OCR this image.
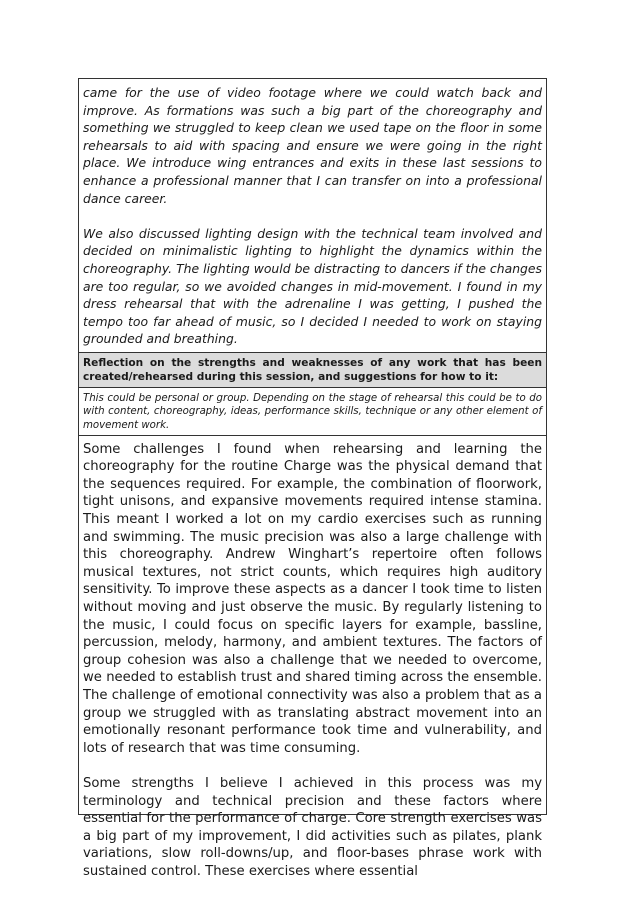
came for the use of video footage where we could watch back and improve. As formations was such a big part of the choreography and something we struggled to keep clean we used tape on the floor in some rehearsals to aid with spacing and ensure we were going in the right place. We introduce wing entrances and exits in these last sessions to enhance a professional manner that I can transfer on into a professional dance career.

We also discussed lighting design with the technical team involved and decided on minimalistic lighting to highlight the dynamics within the choreography. The lighting would be distracting to dancers if the changes are too regular, so we avoided changes in mid-movement. I found in my dress rehearsal that with the adrenaline I was getting, I pushed the tempo too far ahead of music, so I decided I needed to work on staying grounded and breathing.

Reflection on the strengths and weaknesses of any work that has been created/rehearsed during this session, and suggestions for how to it:
This could be personal or group. Depending on the stage of rehearsal this could be to do with content, choreography, ideas, performance skills, technique or any other element of movement work.

Some challenges I found when rehearsing and learning the choreography for the routine Charge was the physical demand that the sequences required. For example, the combination of floorwork, tight unisons, and expansive movements required intense stamina. This meant I worked a lot on my cardio exercises such as running and swimming. The music precision was also a large challenge with this choreography. Andrew Winghart’s repertoire often follows musical textures, not strict counts, which requires high auditory sensitivity. To improve these aspects as a dancer I took time to listen without moving and just observe the music. By regularly listening to the music, I could focus on specific layers for example, bassline, percussion, melody, harmony, and ambient textures. The factors of group cohesion was also a challenge that we needed to overcome, we needed to establish trust and shared timing across the ensemble. The challenge of emotional connectivity was also a problem that as a group we struggled with as translating abstract movement into an emotionally resonant performance took time and vulnerability, and lots of research that was time consuming.

Some strengths I believe I achieved in this process was my terminology and technical precision and these factors where essential for the performance of charge. Core strength exercises was a big part of my improvement, I did activities such as pilates, plank variations, slow roll-downs/up, and floor-bases phrase work with sustained control. These exercises where essential
